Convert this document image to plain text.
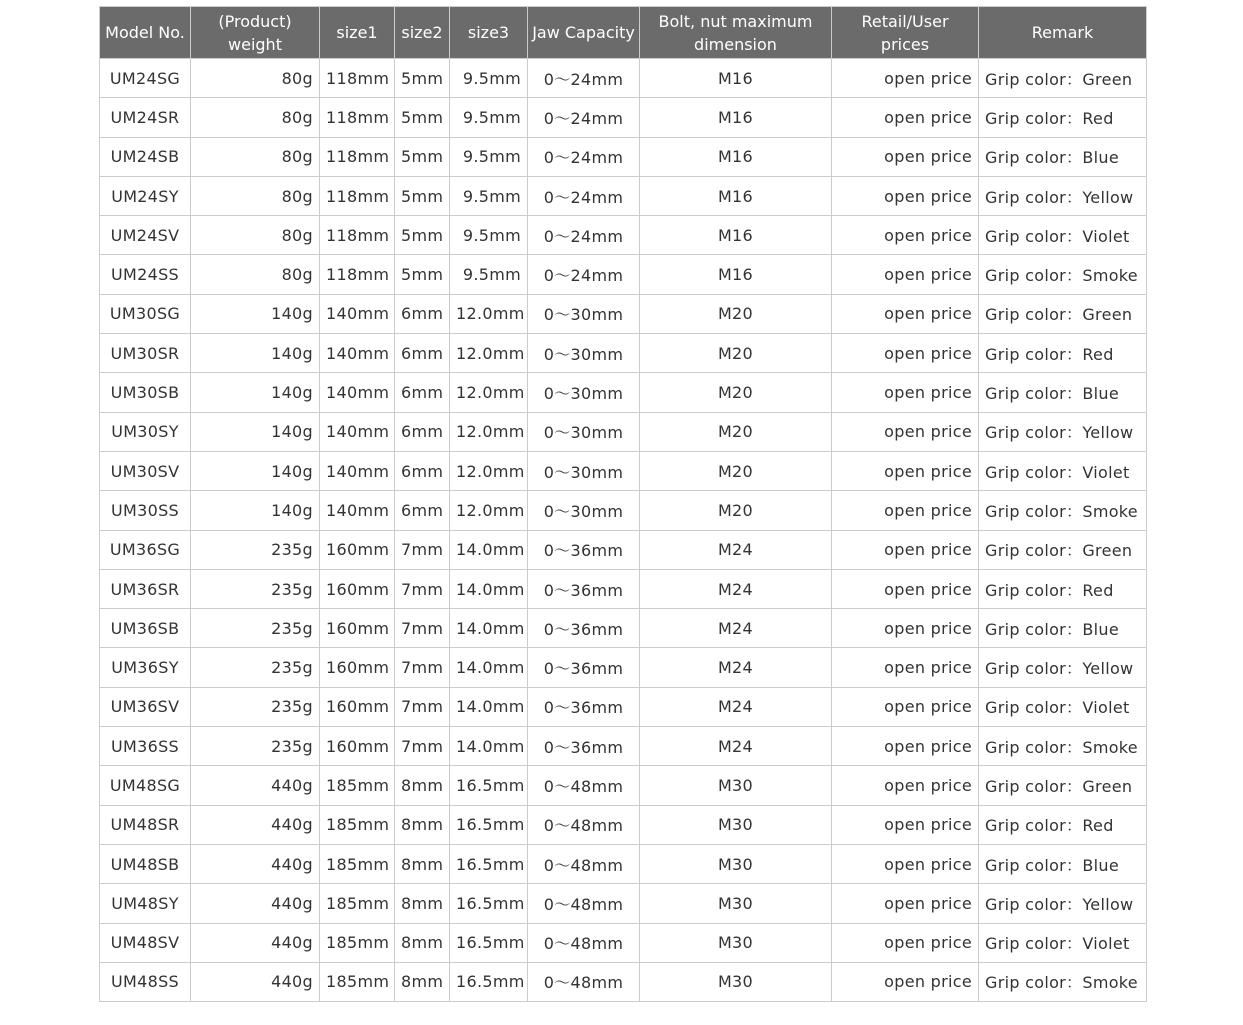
Model No.	(Product) weight	size1	size2	size3	Jaw Capacity	Bolt, nut maximum dimension	Retail/User prices	Remark
UM24SG	80g	118mm	5mm	9.5mm	0～24mm	M16	open price	Grip color：Green
UM24SR	80g	118mm	5mm	9.5mm	0～24mm	M16	open price	Grip color：Red
UM24SB	80g	118mm	5mm	9.5mm	0～24mm	M16	open price	Grip color：Blue
UM24SY	80g	118mm	5mm	9.5mm	0～24mm	M16	open price	Grip color：Yellow
UM24SV	80g	118mm	5mm	9.5mm	0～24mm	M16	open price	Grip color：Violet
UM24SS	80g	118mm	5mm	9.5mm	0～24mm	M16	open price	Grip color：Smoke
UM30SG	140g	140mm	6mm	12.0mm	0～30mm	M20	open price	Grip color：Green
UM30SR	140g	140mm	6mm	12.0mm	0～30mm	M20	open price	Grip color：Red
UM30SB	140g	140mm	6mm	12.0mm	0～30mm	M20	open price	Grip color：Blue
UM30SY	140g	140mm	6mm	12.0mm	0～30mm	M20	open price	Grip color：Yellow
UM30SV	140g	140mm	6mm	12.0mm	0～30mm	M20	open price	Grip color：Violet
UM30SS	140g	140mm	6mm	12.0mm	0～30mm	M20	open price	Grip color：Smoke
UM36SG	235g	160mm	7mm	14.0mm	0～36mm	M24	open price	Grip color：Green
UM36SR	235g	160mm	7mm	14.0mm	0～36mm	M24	open price	Grip color：Red
UM36SB	235g	160mm	7mm	14.0mm	0～36mm	M24	open price	Grip color：Blue
UM36SY	235g	160mm	7mm	14.0mm	0～36mm	M24	open price	Grip color：Yellow
UM36SV	235g	160mm	7mm	14.0mm	0～36mm	M24	open price	Grip color：Violet
UM36SS	235g	160mm	7mm	14.0mm	0～36mm	M24	open price	Grip color：Smoke
UM48SG	440g	185mm	8mm	16.5mm	0～48mm	M30	open price	Grip color：Green
UM48SR	440g	185mm	8mm	16.5mm	0～48mm	M30	open price	Grip color：Red
UM48SB	440g	185mm	8mm	16.5mm	0～48mm	M30	open price	Grip color：Blue
UM48SY	440g	185mm	8mm	16.5mm	0～48mm	M30	open price	Grip color：Yellow
UM48SV	440g	185mm	8mm	16.5mm	0～48mm	M30	open price	Grip color：Violet
UM48SS	440g	185mm	8mm	16.5mm	0～48mm	M30	open price	Grip color：Smoke
